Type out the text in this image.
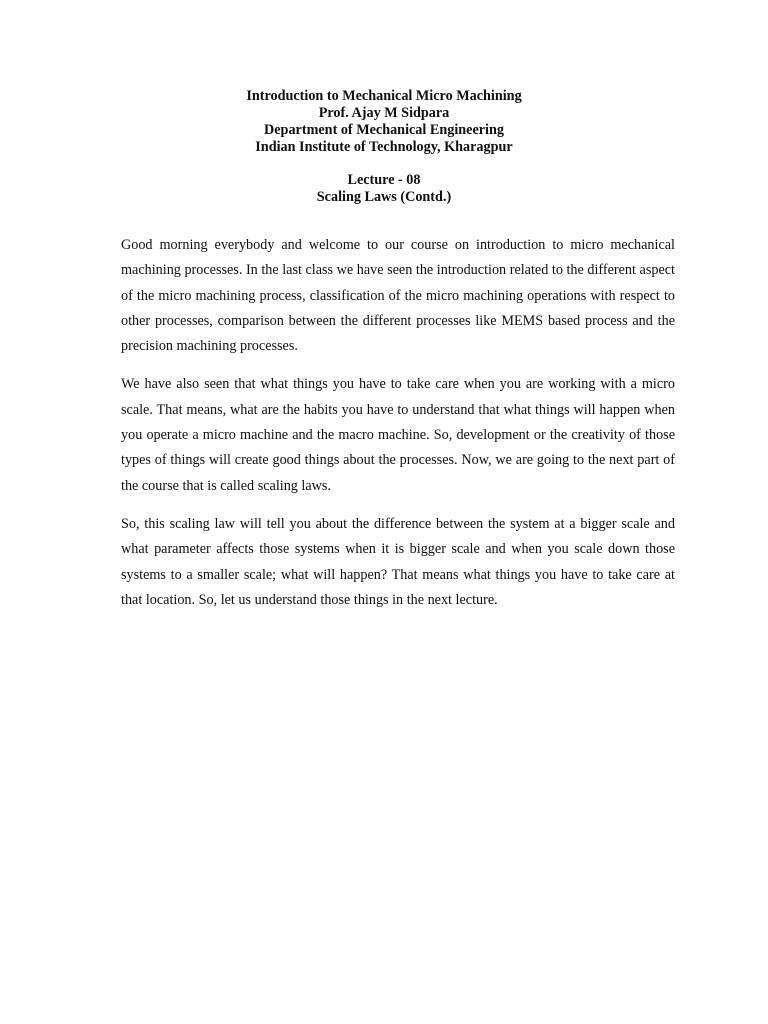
Introduction to Mechanical Micro Machining
Prof. Ajay M Sidpara
Department of Mechanical Engineering
Indian Institute of Technology, Kharagpur
Lecture - 08
Scaling Laws (Contd.)

Good morning everybody and welcome to our course on introduction to micro mechanical machining processes. In the last class we have seen the introduction related to the different aspect of the micro machining process, classification of the micro machining operations with respect to other processes, comparison between the different processes like MEMS based process and the precision machining processes.

We have also seen that what things you have to take care when you are working with a micro scale. That means, what are the habits you have to understand that what things will happen when you operate a micro machine and the macro machine. So, development or the creativity of those types of things will create good things about the processes. Now, we are going to the next part of the course that is called scaling laws.

So, this scaling law will tell you about the difference between the system at a bigger scale and what parameter affects those systems when it is bigger scale and when you scale down those systems to a smaller scale; what will happen? That means what things you have to take care at that location. So, let us understand those things in the next lecture.
